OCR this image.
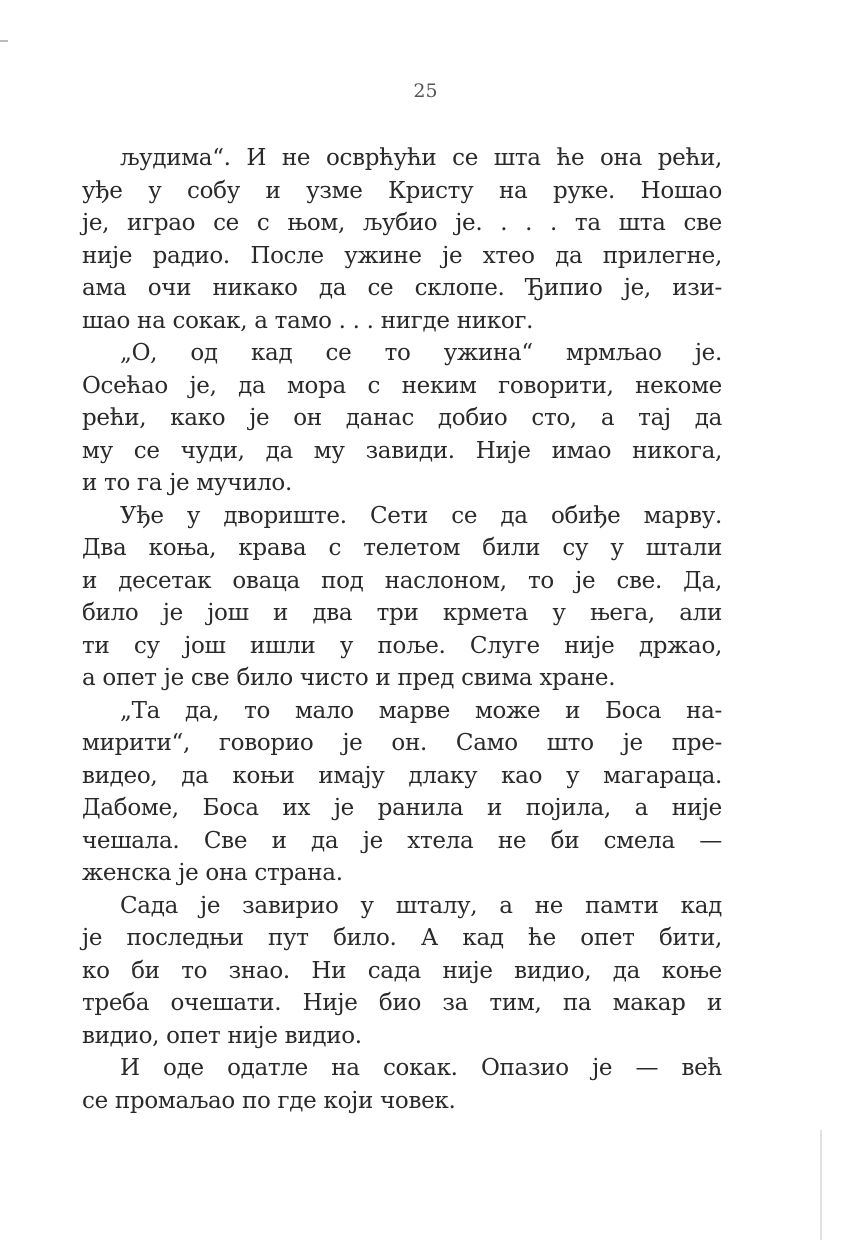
25
људима“. И не осврћући се шта ће она рећи,
уђе у собу и узме Кристу на руке. Ношао
је, играо се с њом, љубио је. . . . та шта све
није радио. После ужине је хтео да прилегне,
ама очи никако да се склопе. Ђипио је, изи-
шао на сокак, а тамо . . . нигде никог.
„О, од кад се то ужина“ мрмљао је.
Осећао је, да мора с неким говорити, некоме
рећи, како је он данас добио сто, а тај да
му се чуди, да му завиди. Није имао никога,
и то га је мучило.
Уђе у двориште. Сети се да обиђе марву.
Два коња, крава с телетом били су у штали
и десетак оваца под наслоном, то је све. Да,
било је још и два три крмета у њега, али
ти су још ишли у поље. Слуге није држао,
а опет је све било чисто и пред свима хране.
„Та да, то мало марве може и Боса на-
мирити“, говорио је он. Само што је пре-
видео, да коњи имају длаку као у магараца.
Дабоме, Боса их је ранила и појила, а није
чешала. Све и да је хтела не би смела —
женска је она страна.
Сада је завирио у шталу, а не памти кад
је последњи пут било. А кад ће опет бити,
ко би то знао. Ни сада није видио, да коње
треба очешати. Није био за тим, па макар и
видио, опет није видио.
И оде одатле на сокак. Опазио је — већ
се промаљао по где који човек.
